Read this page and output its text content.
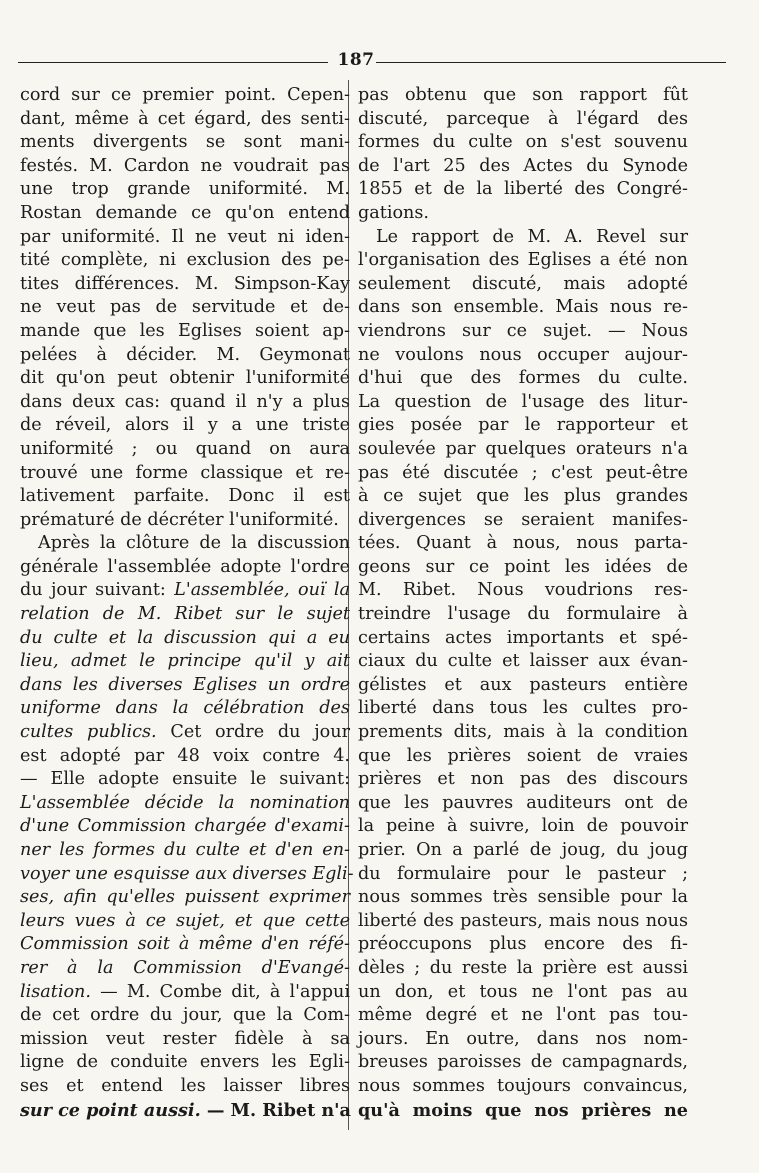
187
cord sur ce premier point. Cepen-
dant, même à cet égard, des senti-
ments divergents se sont mani-
festés. M. Cardon ne voudrait pas
une trop grande uniformité. M.
Rostan demande ce qu'on entend
par uniformité. Il ne veut ni iden-
tité complète, ni exclusion des pe-
tites différences. M. Simpson-Kay
ne veut pas de servitude et de-
mande que les Eglises soient ap-
pelées à décider. M. Geymonat
dit qu'on peut obtenir l'uniformité
dans deux cas: quand il n'y a plus
de réveil, alors il y a une triste
uniformité ; ou quand on aura
trouvé une forme classique et re-
lativement parfaite. Donc il est
prématuré de décréter l'uniformité.
Après la clôture de la discussion
générale l'assemblée adopte l'ordre
du jour suivant: L'assemblée, ouï la
relation de M. Ribet sur le sujet
du culte et la discussion qui a eu
lieu, admet le principe qu'il y ait
dans les diverses Eglises un ordre
uniforme dans la célébration des
cultes publics. Cet ordre du jour
est adopté par 48 voix contre 4.
— Elle adopte ensuite le suivant:
L'assemblée décide la nomination
d'une Commission chargée d'exami-
ner les formes du culte et d'en en-
voyer une esquisse aux diverses Egli-
ses, afin qu'elles puissent exprimer
leurs vues à ce sujet, et que cette
Commission soit à même d'en réfé-
rer à la Commission d'Evangé-
lisation. — M. Combe dit, à l'appui
de cet ordre du jour, que la Com-
mission veut rester fidèle à sa
ligne de conduite envers les Egli-
ses et entend les laisser libres
sur ce point aussi. — M. Ribet n'a
pas obtenu que son rapport fût
discuté, parceque à l'égard des
formes du culte on s'est souvenu
de l'art 25 des Actes du Synode
1855 et de la liberté des Congré-
gations.
Le rapport de M. A. Revel sur
l'organisation des Eglises a été non
seulement discuté, mais adopté
dans son ensemble. Mais nous re-
viendrons sur ce sujet. — Nous
ne voulons nous occuper aujour-
d'hui que des formes du culte.
La question de l'usage des litur-
gies posée par le rapporteur et
soulevée par quelques orateurs n'a
pas été discutée ; c'est peut-être
à ce sujet que les plus grandes
divergences se seraient manifes-
tées. Quant à nous, nous parta-
geons sur ce point les idées de
M. Ribet. Nous voudrions res-
treindre l'usage du formulaire à
certains actes importants et spé-
ciaux du culte et laisser aux évan-
gélistes et aux pasteurs entière
liberté dans tous les cultes pro-
prements dits, mais à la condition
que les prières soient de vraies
prières et non pas des discours
que les pauvres auditeurs ont de
la peine à suivre, loin de pouvoir
prier. On a parlé de joug, du joug
du formulaire pour le pasteur ;
nous sommes très sensible pour la
liberté des pasteurs, mais nous nous
préoccupons plus encore des fi-
dèles ; du reste la prière est aussi
un don, et tous ne l'ont pas au
même degré et ne l'ont pas tou-
jours. En outre, dans nos nom-
breuses paroisses de campagnards,
nous sommes toujours convaincus,
qu'à moins que nos prières ne
